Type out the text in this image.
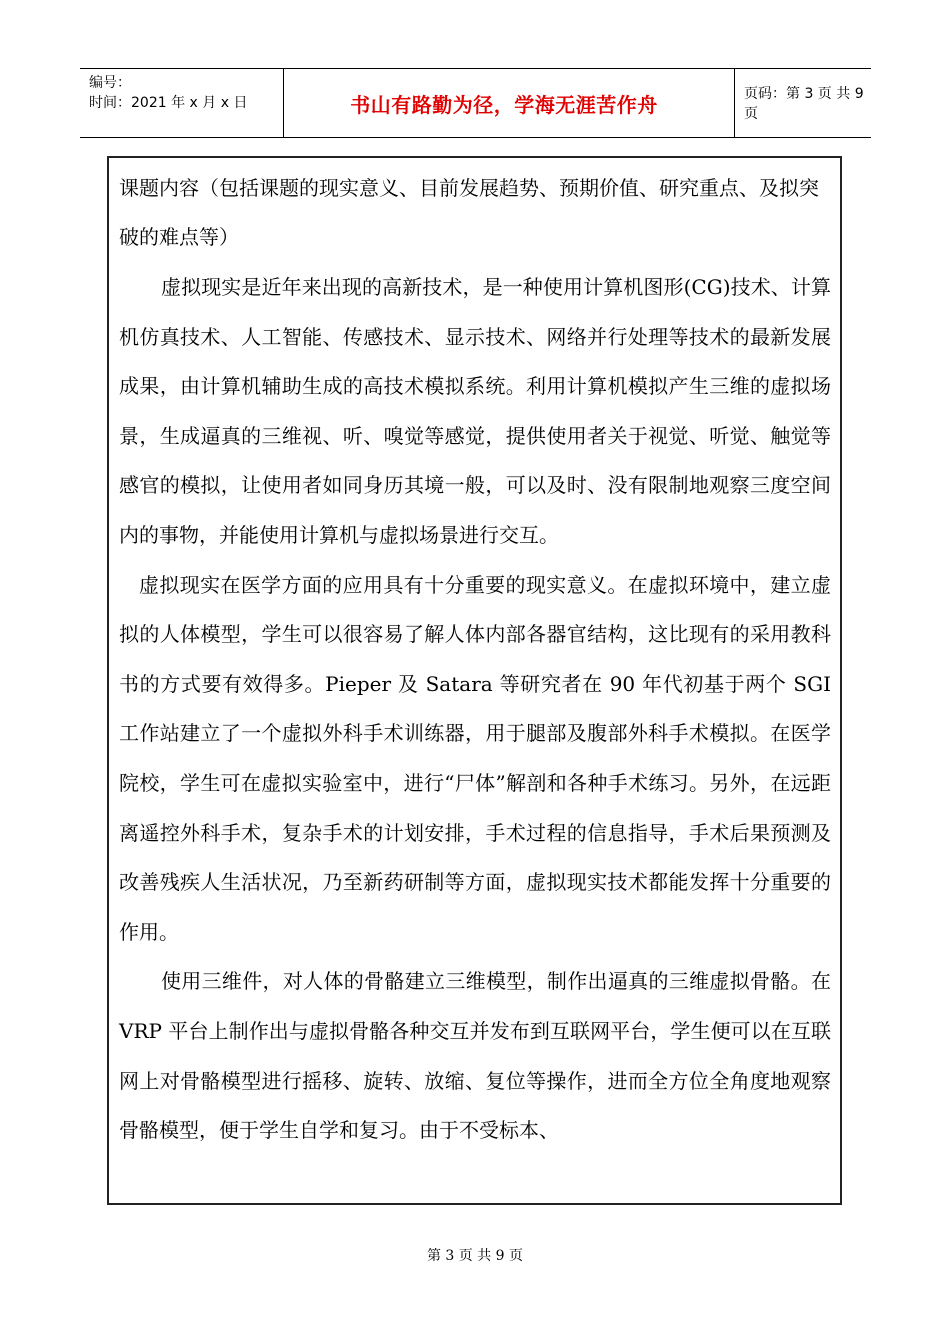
编号：
时间：2021 年 x 月 x 日	书山有路勤为径，学海无涯苦作舟	页码：第 3 页 共 9 页

课题内容（包括课题的现实意义、目前发展趋势、预期价值、研究重点、及拟突破的难点等）

虚拟现实是近年来出现的高新技术，是一种使用计算机图形(CG)技术、计算机仿真技术、人工智能、传感技术、显示技术、网络并行处理等技术的最新发展成果，由计算机辅助生成的高技术模拟系统。利用计算机模拟产生三维的虚拟场景，生成逼真的三维视、听、嗅觉等感觉，提供使用者关于视觉、听觉、触觉等感官的模拟，让使用者如同身历其境一般，可以及时、没有限制地观察三度空间内的事物，并能使用计算机与虚拟场景进行交互。

虚拟现实在医学方面的应用具有十分重要的现实意义。在虚拟环境中，建立虚拟的人体模型，学生可以很容易了解人体内部各器官结构，这比现有的采用教科书的方式要有效得多。Pieper 及 Satara 等研究者在 90 年代初基于两个 SGI 工作站建立了一个虚拟外科手术训练器，用于腿部及腹部外科手术模拟。在医学院校，学生可在虚拟实验室中，进行“尸体”解剖和各种手术练习。另外，在远距离遥控外科手术，复杂手术的计划安排，手术过程的信息指导，手术后果预测及改善残疾人生活状况，乃至新药研制等方面，虚拟现实技术都能发挥十分重要的作用。

使用三维件，对人体的骨骼建立三维模型，制作出逼真的三维虚拟骨骼。在 VRP 平台上制作出与虚拟骨骼各种交互并发布到互联网平台，学生便可以在互联网上对骨骼模型进行摇移、旋转、放缩、复位等操作，进而全方位全角度地观察骨骼模型，便于学生自学和复习。由于不受标本、

第 3 页 共 9 页
